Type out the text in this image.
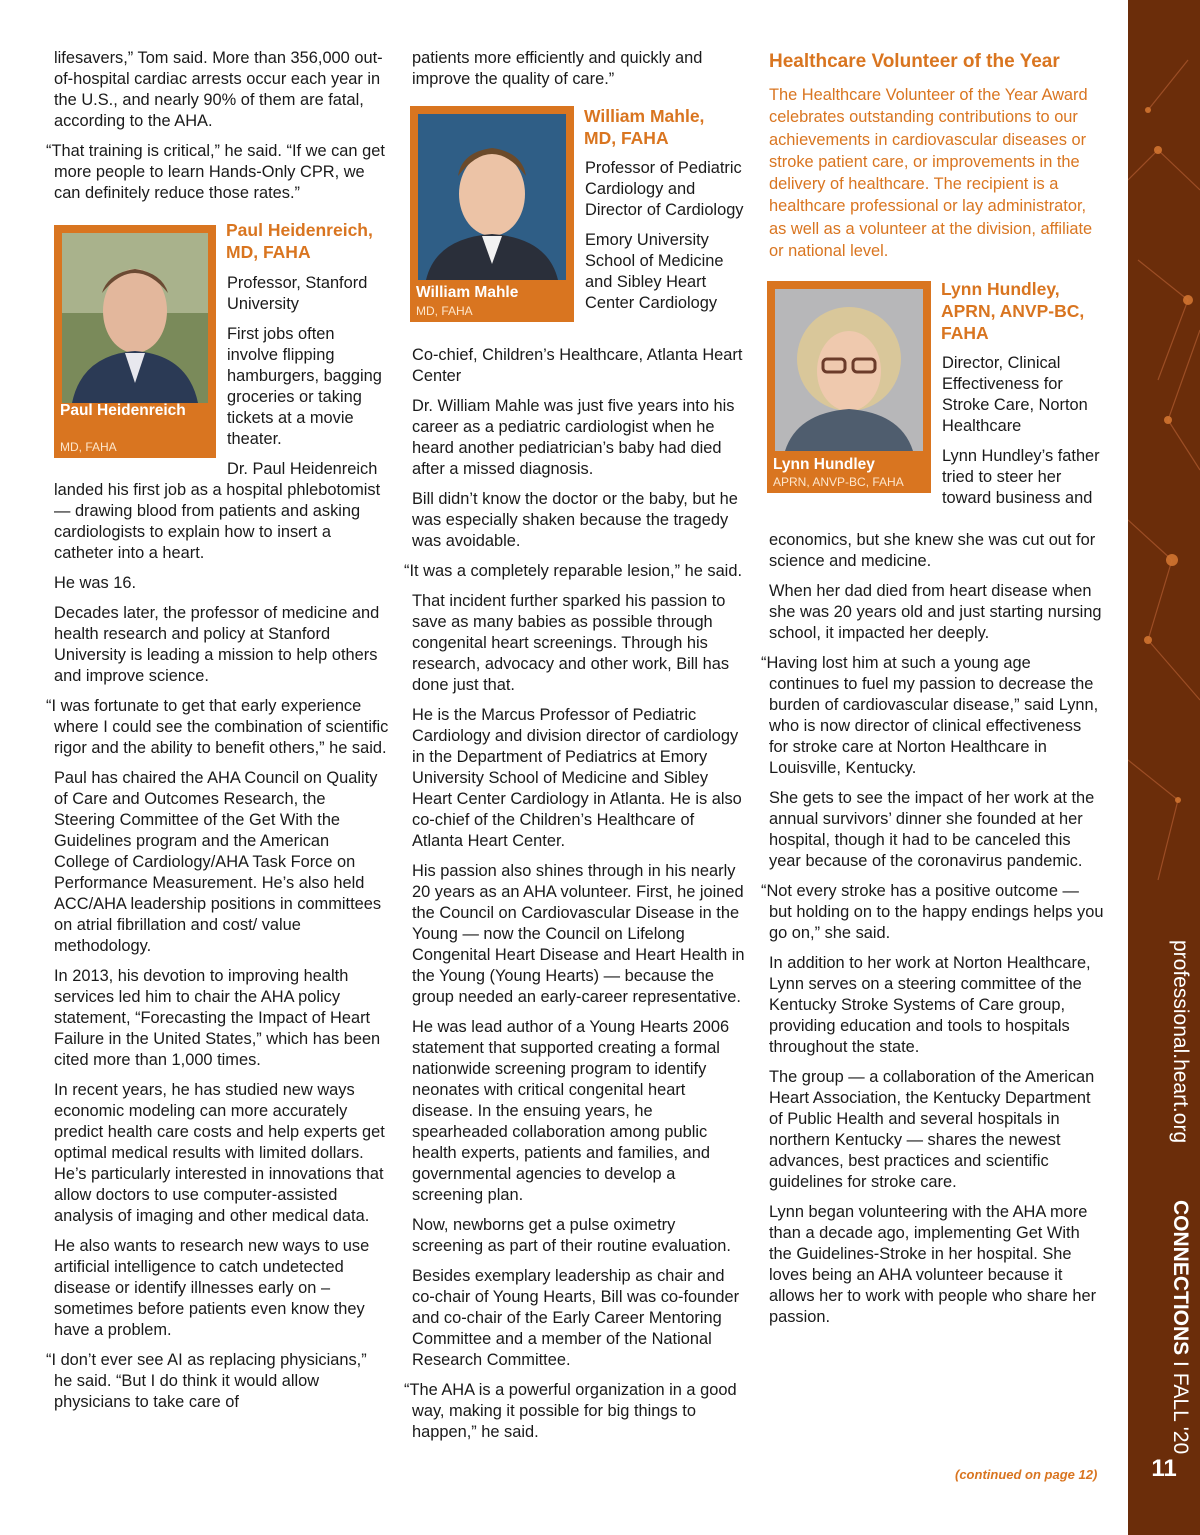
lifesavers,” Tom said. More than 356,000 out-of-hospital cardiac arrests occur each year in the U.S., and nearly 90% of them are fatal, according to the AHA.

“That training is critical,” he said. “If we can get more people to learn Hands-Only CPR, we can definitely reduce those rates.”

Paul Heidenreich, MD, FAHA
Paul Heidenreich
MD, FAHA

Professor, Stanford University

First jobs often involve flipping hamburgers, bagging groceries or taking tickets at a movie theater.

Dr. Paul Heidenreich

landed his first job as a hospital phlebotomist — drawing blood from patients and asking cardiologists to explain how to insert a catheter into a heart.

He was 16.

Decades later, the professor of medicine and health research and policy at Stanford University is leading a mission to help others and improve science.

“I was fortunate to get that early experience where I could see the combination of scientific rigor and the ability to benefit others,” he said.

Paul has chaired the AHA Council on Quality of Care and Outcomes Research, the Steering Committee of the Get With the Guidelines program and the American College of Cardiology/AHA Task Force on Performance Measurement. He’s also held ACC/AHA leadership positions in committees on atrial fibrillation and cost/ value methodology.

In 2013, his devotion to improving health services led him to chair the AHA policy statement, “Forecasting the Impact of Heart Failure in the United States,” which has been cited more than 1,000 times.

In recent years, he has studied new ways economic modeling can more accurately predict health care costs and help experts get optimal medical results with limited dollars. He’s particularly interested in innovations that allow doctors to use computer-assisted analysis of imaging and other medical data.

He also wants to research new ways to use artificial intelligence to catch undetected disease or identify illnesses early on – sometimes before patients even know they have a problem.

“I don’t ever see AI as replacing physicians,” he said. “But I do think it would allow physicians to take care of

patients more efficiently and quickly and improve the quality of care.”

William Mahle, MD, FAHA
William Mahle
MD, FAHA

Professor of Pediatric Cardiology and Director of Cardiology

Emory University School of Medicine and Sibley Heart Center Cardiology

Co-chief, Children’s Healthcare, Atlanta Heart Center

Dr. William Mahle was just five years into his career as a pediatric cardiologist when he heard another pediatrician’s baby had died after a missed diagnosis.

Bill didn’t know the doctor or the baby, but he was especially shaken because the tragedy was avoidable.

“It was a completely reparable lesion,” he said.

That incident further sparked his passion to save as many babies as possible through congenital heart screenings. Through his research, advocacy and other work, Bill has done just that.

He is the Marcus Professor of Pediatric Cardiology and division director of cardiology in the Department of Pediatrics at Emory University School of Medicine and Sibley Heart Center Cardiology in Atlanta. He is also co-chief of the Children’s Healthcare of Atlanta Heart Center.

His passion also shines through in his nearly 20 years as an AHA volunteer. First, he joined the Council on Cardiovascular Disease in the Young — now the Council on Lifelong Congenital Heart Disease and Heart Health in the Young (Young Hearts) — because the group needed an early-career representative.

He was lead author of a Young Hearts 2006 statement that supported creating a formal nationwide screening program to identify neonates with critical congenital heart disease. In the ensuing years, he spearheaded collaboration among public health experts, patients and families, and governmental agencies to develop a screening plan.

Now, newborns get a pulse oximetry screening as part of their routine evaluation.

Besides exemplary leadership as chair and co-chair of Young Hearts, Bill was co-founder and co-chair of the Early Career Mentoring Committee and a member of the National Research Committee.

“The AHA is a powerful organization in a good way, making it possible for big things to happen,” he said.

Healthcare Volunteer of the Year
The Healthcare Volunteer of the Year Award celebrates outstanding contributions to our achievements in cardiovascular diseases or stroke patient care, or improvements in the delivery of healthcare. The recipient is a healthcare professional or lay administrator, as well as a volunteer at the division, affiliate or national level.
Lynn Hundley, APRN, ANVP-BC, FAHA
Lynn Hundley
APRN, ANVP-BC, FAHA

Director, Clinical Effectiveness for Stroke Care, Norton Healthcare

Lynn Hundley’s father tried to steer her toward business and

economics, but she knew she was cut out for science and medicine.

When her dad died from heart disease when she was 20 years old and just starting nursing school, it impacted her deeply.

“Having lost him at such a young age continues to fuel my passion to decrease the burden of cardiovascular disease,” said Lynn, who is now director of clinical effectiveness for stroke care at Norton Healthcare in Louisville, Kentucky.

She gets to see the impact of her work at the annual survivors’ dinner she founded at her hospital, though it had to be canceled this year because of the coronavirus pandemic.

“Not every stroke has a positive outcome — but holding on to the happy endings helps you go on,” she said.

In addition to her work at Norton Healthcare, Lynn serves on a steering committee of the Kentucky Stroke Systems of Care group, providing education and tools to hospitals throughout the state.

The group — a collaboration of the American Heart Association, the Kentucky Department of Public Health and several hospitals in northern Kentucky — shares the newest advances, best practices and scientific guidelines for stroke care.

Lynn began volunteering with the AHA more than a decade ago, implementing Get With the Guidelines-Stroke in her hospital. She loves being an AHA volunteer because it allows her to work with people who share her passion.

(continued on page 12)
professional.heart.org
CONNECTIONS I FALL '20
11
